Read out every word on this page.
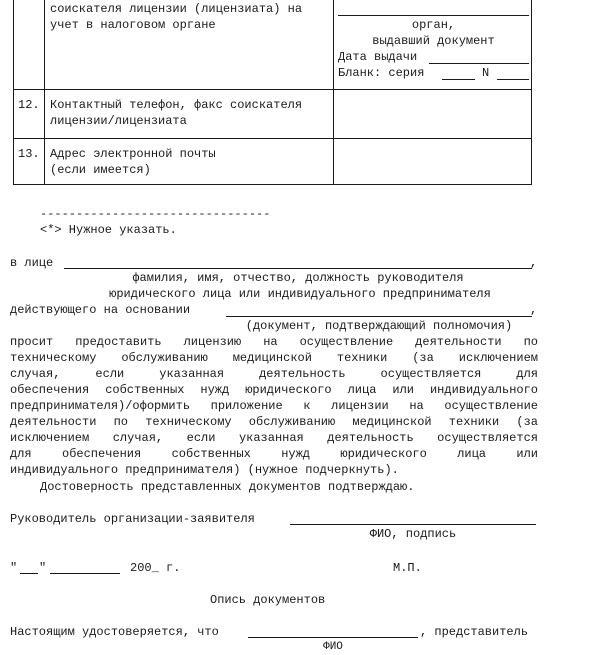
соискателя лицензии (лицензиата) на
учет в налоговом органе	орган,
выдавший документ
Дата выдачи
Бланк: серия	N
12. Контактный телефон, факс соискателя
лицензии/лицензиата
13. Адрес электронной почты
(если имеется)
--------------------------------
<*> Нужное указать.
в лице	,
фамилия, имя, отчество, должность руководителя
юридического лица или индивидуального предпринимателя
действующего на основании	,
(документ, подтверждающий полномочия)
просит предоставить лицензию на осуществление деятельности по
техническому обслуживанию медицинской техники (за исключением
случая, если указанная деятельность осуществляется для
обеспечения собственных нужд юридического лица или индивидуального
предпринимателя)/оформить приложение к лицензии на осуществление
деятельности по техническому обслуживанию медицинской техники (за
исключением случая, если указанная деятельность осуществляется
для обеспечения собственных нужд юридического лица или
индивидуального предпринимателя) (нужное подчеркнуть).
Достоверность представленных документов подтверждаю.
Руководитель организации-заявителя
ФИО, подпись
" "	200_ г.	М.П.
Опись документов
Настоящим удостоверяется, что	, представитель
ФИО
